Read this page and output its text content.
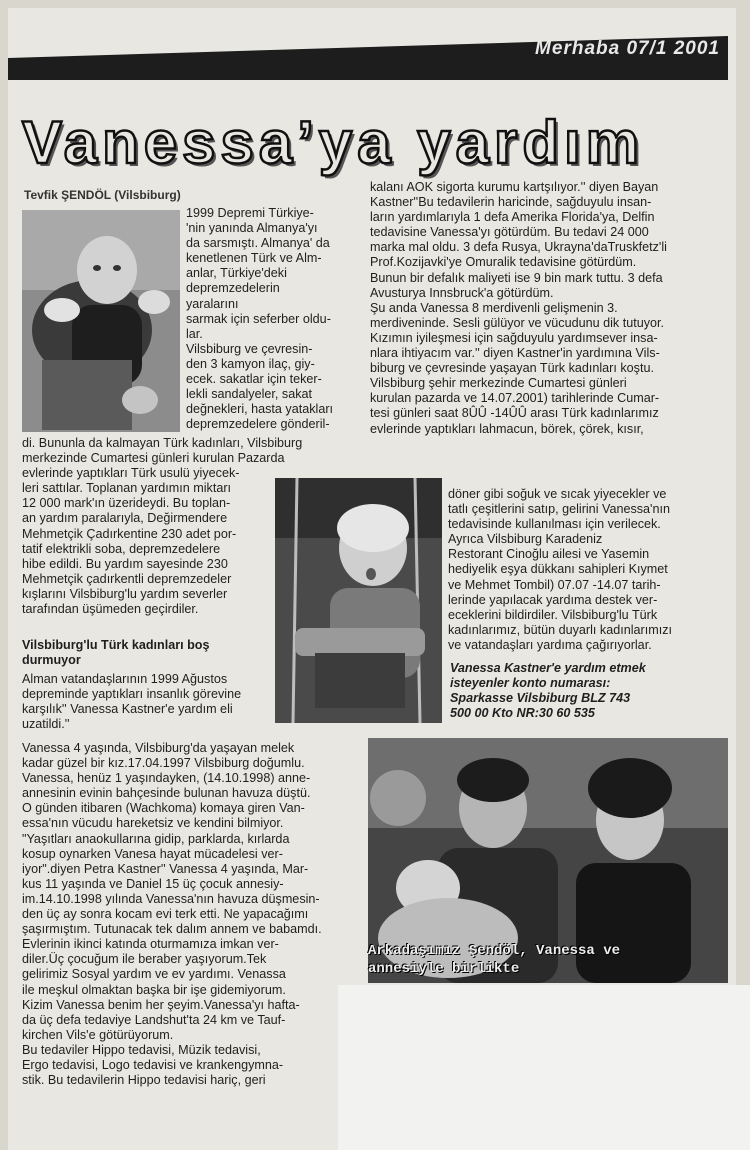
Merhaba 07/1 2001
Vanessa’ya yardım
Tevfik ŞENDÖL (Vilsbiburg)
Arkadaşımız Şendöl, Vanessa ve
annesiyle birlikte
1999 Depremi Türkiye-
'nin yanında Almanya'yı
da sarsmıştı. Almanya' da
kenetlenen Türk ve Alm-
anlar, Türkiye'deki
depremzedelerin yaralarını
sarmak için seferber oldu-
lar.
Vilsbiburg ve çevresin-
den 3 kamyon ilaç, giy-
ecek. sakatlar için teker-
lekli sandalyeler, sakat
değnekleri, hasta yatakları
depremzedelere gönderil-
di. Bununla da kalmayan Türk kadınları, Vilsbiburg
merkezinde Cumartesi günleri kurulan Pazarda
evlerinde yaptıkları Türk usulü yiyecek-
leri sattılar. Toplanan yardımın miktarı
12 000 mark'ın üzerideydi. Bu toplan-
an yardım paralarıyla, Değirmendere
Mehmetçik Çadırkentine 230 adet por-
tatif elektrikli soba, depremzedelere
hibe edildi. Bu yardım sayesinde 230
Mehmetçik çadırkentli depremzedeler
kışlarını Vilsbiburg'lu yardım severler
tarafından üşümeden geçirdiler.
Vilsbiburg'lu Türk kadınları boş
durmuyor
Alman vatandaşlarının 1999 Ağustos
depreminde yaptıkları insanlık görevine
karşılık'' Vanessa Kastner'e yardım eli
uzatildi.''
Vanessa 4 yaşında, Vilsbiburg'da yaşayan melek
kadar güzel bir kız.17.04.1997 Vilsbiburg doğumlu.
Vanessa, henüz 1 yaşındayken, (14.10.1998) anne-
annesinin evinin bahçesinde bulunan havuza düştü.
O günden itibaren (Wachkoma) komaya giren Van-
essa'nın vücudu hareketsiz ve kendini bilmiyor.
"Yaşıtları anaokullarına gidip, parklarda, kırlarda
kosup oynarken Vanesa hayat mücadelesi ver-
iyor".diyen Petra Kastner'' Vanessa 4 yaşında, Mar-
kus 11 yaşında ve Daniel 15 üç çocuk annesiy-
im.14.10.1998 yılında Vanessa'nın havuza düşmesin-
den üç ay sonra kocam evi terk etti. Ne yapacağımı
şaşırmıştım. Tutunacak tek dalım annem ve babamdı.
Evlerinin ikinci katında oturmamıza imkan ver-
diler.Üç çocuğum ile beraber yaşıyorum.Tek
gelirimiz Sosyal yardım ve ev yardımı. Venassa
ile meşkul olmaktan başka bir işe gidemiyorum.
Kizim Vanessa benim her şeyim.Vanessa'yı hafta-
da üç defa tedaviye Landshut'ta 24 km ve Tauf-
kirchen Vils'e götürüyorum.
Bu tedaviler Hippo tedavisi, Müzik tedavisi,
Ergo tedavisi, Logo tedavisi ve krankengymna-
stik. Bu tedavilerin Hippo tedavisi hariç, geri
kalanı AOK sigorta kurumu kartşılıyor.'' diyen Bayan
Kastner''Bu tedavilerin haricinde, sağduyulu insan-
ların yardımlarıyla 1 defa Amerika Florida'ya, Delfin
tedavisine Vanessa'yı götürdüm. Bu tedavi 24 000
marka mal oldu. 3 defa Rusya, Ukrayna'daTruskfetz'li
Prof.Kozijavki'ye Omuralik tedavisine götürdüm.
Bunun bir defalık maliyeti ise 9 bin mark tuttu. 3 defa
Avusturya Innsbruck'a götürdüm.
Şu anda Vanessa 8 merdivenli gelişmenin 3.
merdiveninde. Sesli gülüyor ve vücudunu dik tutuyor.
Kızımın iyileşmesi için sağduyulu yardımsever insa-
nlara ihtiyacım var.'' diyen Kastner'in yardımına Vils-
biburg ve çevresinde yaşayan Türk kadınları koştu.
Vilsbiburg şehir merkezinde Cumartesi günleri
kurulan pazarda ve 14.07.2001) tarihlerinde Cumar-
tesi günleri saat 8ÛÛ -14ÛÛ arası Türk kadınlarımız
evlerinde yaptıkları lahmacun, börek, çörek, kısır,
döner gibi soğuk ve sıcak yiyecekler ve
tatlı çeşitlerini satıp, gelirini Vanessa'nın
tedavisinde kullanılması için verilecek.
Ayrıca Vilsbiburg Karadeniz
Restorant Cinoğlu ailesi ve Yasemin
hediyelik eşya dükkanı sahipleri Kıymet
ve Mehmet Tombil) 07.07 -14.07 tarih-
lerinde yapılacak yardıma destek ver-
eceklerini bildirdiler. Vilsbiburg'lu Türk
kadınlarımız, bütün duyarlı kadınlarımızı
ve vatandaşları yardıma çağırıyorlar.
Vanessa Kastner'e yardım etmek
isteyenler konto numarası:
Sparkasse Vilsbiburg BLZ 743
500 00 Kto NR:30 60 535
